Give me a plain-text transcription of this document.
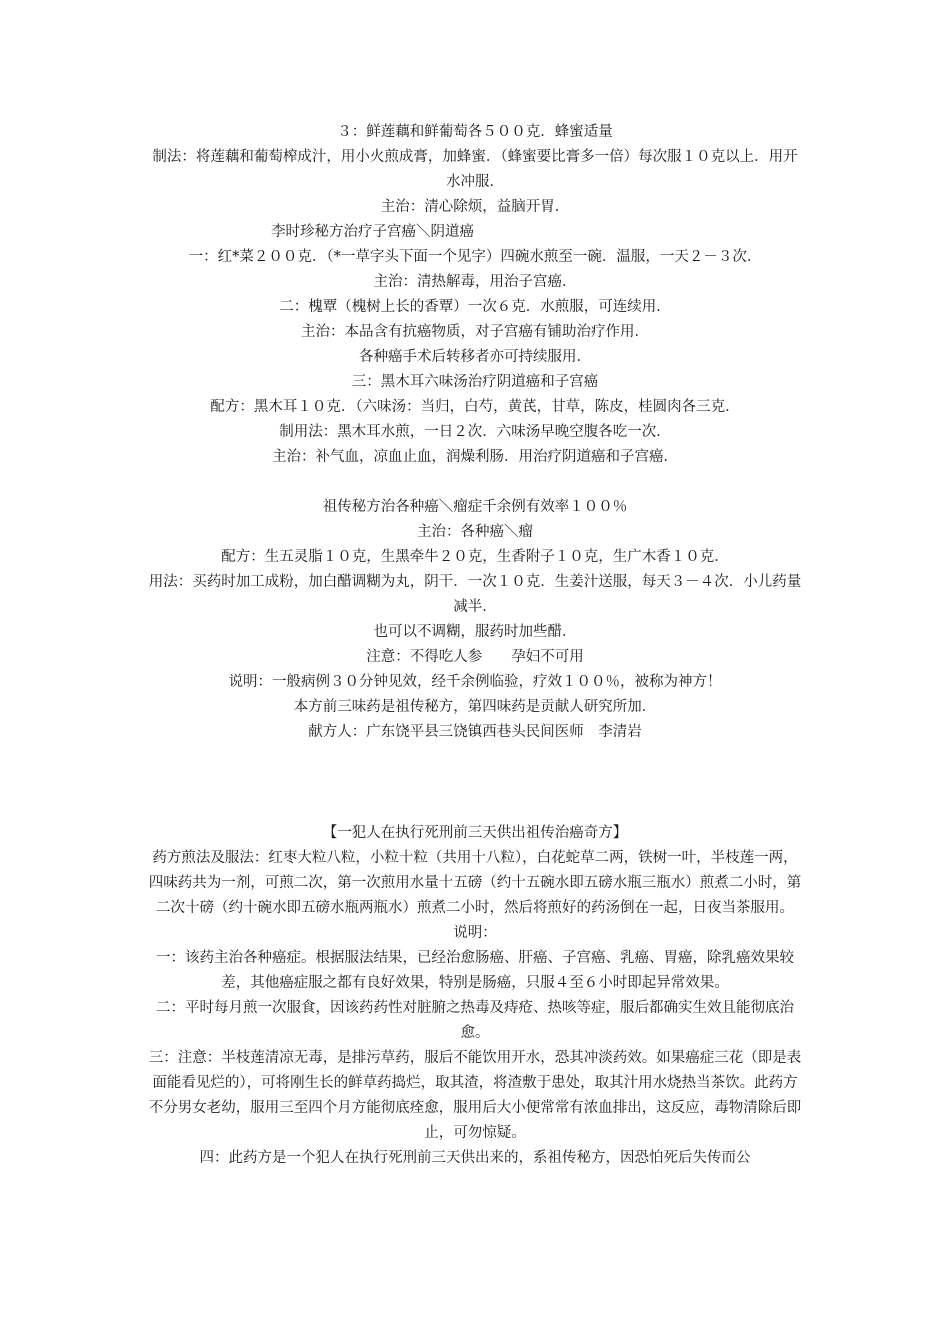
３：鲜莲藕和鲜葡萄各５００克．蜂蜜适量

制法：将莲藕和葡萄榨成汁，用小火煎成膏，加蜂蜜．（蜂蜜要比膏多一倍）每次服１０克以上．用开水冲服．

主治：清心除烦，益脑开胃．

李时珍秘方治疗子宫癌＼阴道癌

一：红*菜２００克．（*一草字头下面一个见字）四碗水煎至一碗．温服，一天２－３次．

主治：清热解毒，用治子宫癌．

二：槐覃（槐树上长的香覃）一次６克．水煎服，可连续用．

主治：本品含有抗癌物质，对子宫癌有铺助治疗作用．

各种癌手术后转移者亦可持续服用．

三：黑木耳六味汤治疗阴道癌和子宫癌

配方：黑木耳１０克．（六味汤：当归，白芍，黄芪，甘草，陈皮，桂圆肉各三克．

制用法：黑木耳水煎，一日２次．六味汤早晚空腹各吃一次．

主治：补气血，凉血止血，润燥利肠．用治疗阴道癌和子宫癌．

祖传秘方治各种癌＼瘤症千余例有效率１００％

主治：各种癌＼瘤

配方：生五灵脂１０克，生黑牵牛２０克，生香附子１０克，生广木香１０克．

用法：买药时加工成粉，加白醋调糊为丸，阴干．一次１０克．生姜汁送服，每天３－４次．小儿药量减半．

也可以不调糊，服药时加些醋．

注意：不得吃人参　　孕妇不可用

说明：一般病例３０分钟见效，经千余例临验，疗效１００％，被称为神方！

本方前三味药是祖传秘方，第四味药是贡献人研究所加．

献方人：广东饶平县三饶镇西巷头民间医师　李清岩

【一犯人在执行死刑前三天供出祖传治癌奇方】

药方煎法及服法：红枣大粒八粒，小粒十粒（共用十八粒），白花蛇草二两，铁树一叶，半枝莲一两，四味药共为一剂，可煎二次，第一次煎用水量十五磅（约十五碗水即五磅水瓶三瓶水）煎煮二小时，第二次十磅（约十碗水即五磅水瓶两瓶水）煎煮二小时，然后将煎好的药汤倒在一起，日夜当茶服用。

说明：

一：该药主治各种癌症。根据服法结果，已经治愈肠癌、肝癌、子宫癌、乳癌、胃癌，除乳癌效果较差，其他癌症服之都有良好效果，特别是肠癌，只服４至６小时即起异常效果。

二：平时每月煎一次服食，因该药药性对脏腑之热毒及痔疮、热咳等症，服后都确实生效且能彻底治愈。

三：注意：半枝莲清凉无毒，是排污草药，服后不能饮用开水，恐其冲淡药效。如果癌症三花（即是表面能看见烂的），可将刚生长的鲜草药捣烂，取其渣，将渣敷于患处，取其汁用水烧热当茶饮。此药方不分男女老幼，服用三至四个月方能彻底痊愈，服用后大小便常常有浓血排出，这反应，毒物清除后即止，可勿惊疑。

四：此药方是一个犯人在执行死刑前三天供出来的，系祖传秘方，因恐怕死后失传而公
